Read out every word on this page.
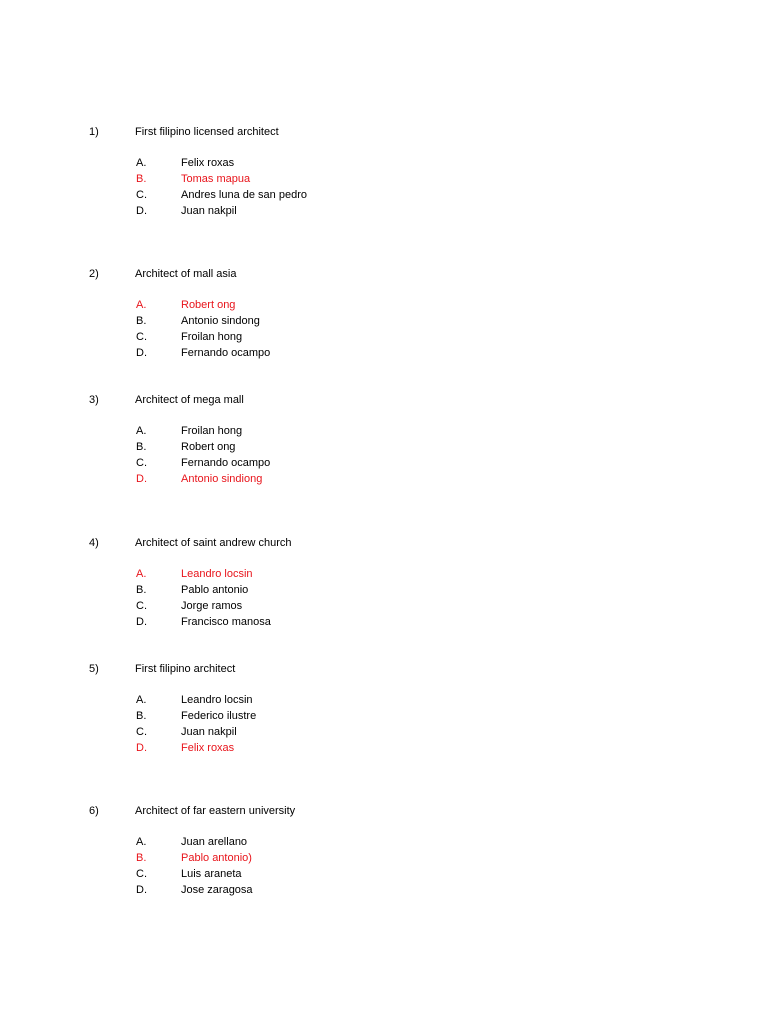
1)	First filipino licensed architect
A.	Felix roxas
B.	Tomas mapua
C.	Andres luna de san pedro
D.	Juan nakpil
2)	Architect of mall asia
A.	Robert ong
B.	Antonio sindong
C.	Froilan hong
D.	Fernando ocampo
3)	Architect of mega mall
A.	Froilan hong
B.	Robert ong
C.	Fernando ocampo
D.	Antonio sindiong
4)	Architect of saint andrew church
A.	Leandro locsin
B.	Pablo antonio
C.	Jorge ramos
D.	Francisco manosa
5)	First filipino architect
A.	Leandro locsin
B.	Federico ilustre
C.	Juan nakpil
D.	Felix roxas
6)	Architect of far eastern university
A.	Juan arellano
B.	Pablo antonio)
C.	Luis araneta
D.	Jose zaragosa
